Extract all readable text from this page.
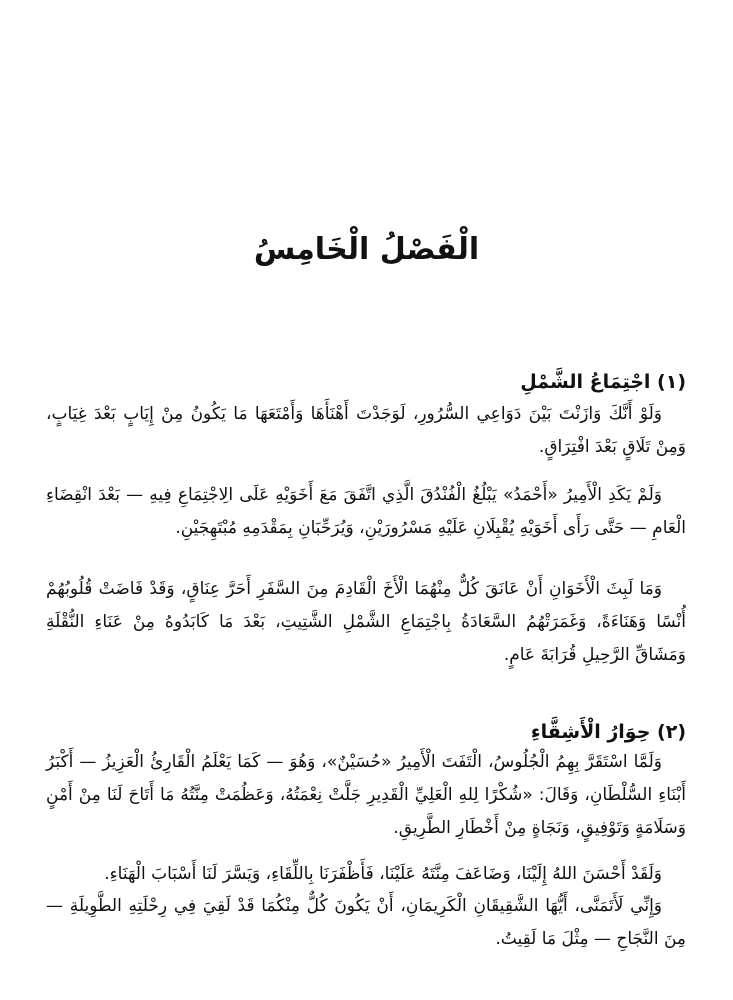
الْفَصْلُ الْخَامِسُ
(١) اجْتِمَاعُ الشَّمْلِ

وَلَوْ أَنَّكَ وَازَنْتَ بَيْنَ دَوَاعِي السُّرُورِ، لَوَجَدْتَ أَهْنَأَهَا وَأَمْتَعَهَا مَا يَكُونُ مِنْ إِيَابٍ بَعْدَ غِيَابٍ، وَمِنْ تَلَاقٍ بَعْدَ افْتِرَاقٍ.

وَلَمْ يَكَدِ الْأَمِيرُ «أَحْمَدُ» يَبْلُغُ الْفُنْدُقَ الَّذِي اتَّفَقَ مَعَ أَخَوَيْهِ عَلَى الِاجْتِمَاعِ فِيهِ — بَعْدَ انْقِضَاءِ الْعَامِ — حَتَّى رَأَى أَخَوَيْهِ يُقْبِلَانِ عَلَيْهِ مَسْرُورَيْنِ، وَيُرَحِّبَانِ بِمَقْدَمِهِ مُبْتَهِجَيْنِ.

وَمَا لَبِثَ الْأَخَوَانِ أَنْ عَانَقَ كُلٌّ مِنْهُمَا الْأَخَ الْقَادِمَ مِنَ السَّفَرِ أَحَرَّ عِنَاقٍ، وَقَدْ فَاضَتْ قُلُوبُهُمْ أُنْسًا وَهَنَاءَةً، وَغَمَرَتْهُمُ السَّعَادَةُ بِاجْتِمَاعِ الشَّمْلِ الشَّتِيتِ، بَعْدَ مَا كَابَدُوهُ مِنْ عَنَاءِ النُّقْلَةِ وَمَشَاقِّ الرَّحِيلِ قُرَابَةَ عَامٍ.

(٢) حِوَارُ الْأَشِقَّاءِ

وَلَمَّا اسْتَقَرَّ بِهِمُ الْجُلُوسُ، الْتَفَتَ الْأَمِيرُ «حُسَيْنٌ»، وَهُوَ — كَمَا يَعْلَمُ الْقَارِئُ الْعَزِيزُ — أَكْبَرُ أَبْنَاءِ السُّلْطَانِ، وَقَالَ: «شُكْرًا لِلهِ الْعَلِيِّ الْقَدِيرِ جَلَّتْ نِعْمَتُهُ، وَعَظُمَتْ مِنَّتُهُ مَا أَتَاحَ لَنَا مِنْ أَمْنٍ وَسَلَامَةٍ وَتَوْفِيقٍ، وَنَجَاةٍ مِنْ أَخْطَارِ الطَّرِيقِ.

وَلَقَدْ أَحْسَنَ اللهُ إِلَيْنَا، وَضَاعَفَ مِنَّتَهُ عَلَيْنَا، فَأَظْفَرَنَا بِاللِّقَاءِ، وَيَسَّرَ لَنَا أَسْبَابَ الْهَنَاءِ.

وَإِنِّي لَأَتَمَنَّى، أَيُّهَا الشَّقِيقَانِ الْكَرِيمَانِ، أَنْ يَكُونَ كُلٌّ مِنْكُمَا قَدْ لَقِيَ فِي رِحْلَتِهِ الطَّوِيلَةِ — مِنَ النَّجَاحِ — مِثْلَ مَا لَقِيتُ.
